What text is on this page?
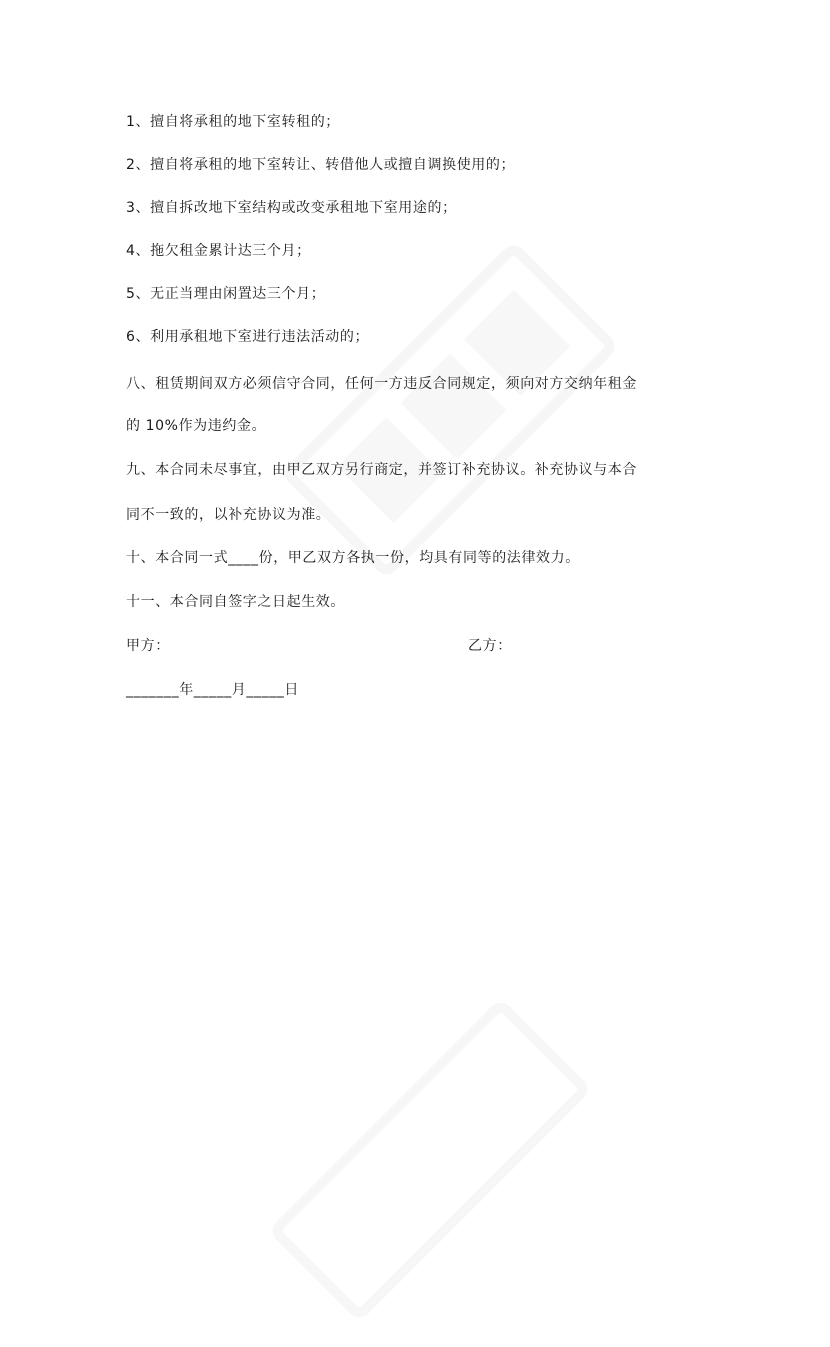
1、擅自将承租的地下室转租的；
2、擅自将承租的地下室转让、转借他人或擅自调换使用的；
3、擅自拆改地下室结构或改变承租地下室用途的；
4、拖欠租金累计达三个月；
5、无正当理由闲置达三个月；
6、利用承租地下室进行违法活动的；
八、租赁期间双方必须信守合同，任何一方违反合同规定，须向对方交纳年租金
的 10%作为违约金。
九、本合同未尽事宜，由甲乙双方另行商定，并签订补充协议。补充协议与本合
同不一致的，以补充协议为准。
十、本合同一式____份，甲乙双方各执一份，均具有同等的法律效力。
十一、本合同自签字之日起生效。
甲方：	乙方：
_______年_____月_____日
